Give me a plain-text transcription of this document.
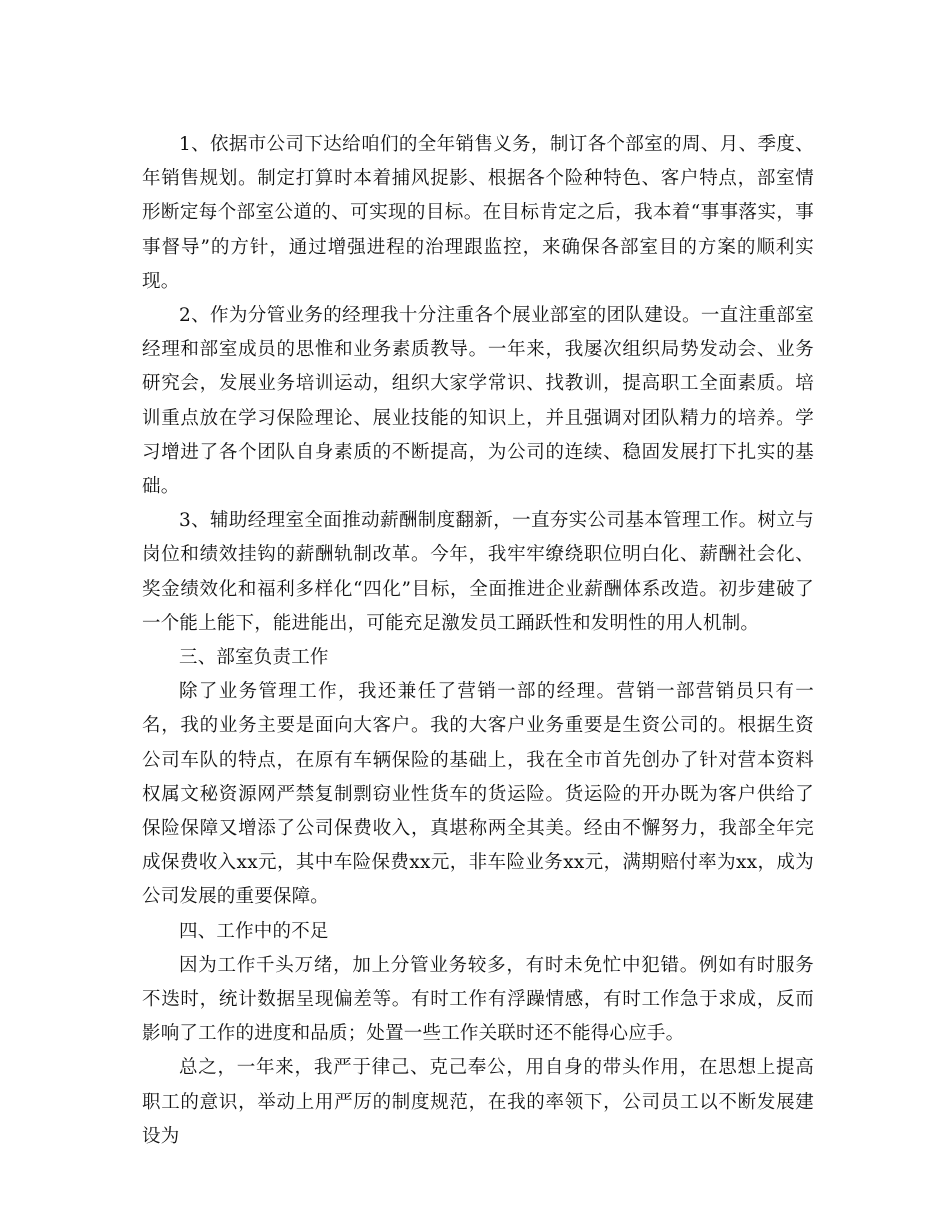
1、依据市公司下达给咱们的全年销售义务，制订各个部室的周、月、季度、年销售规划。制定打算时本着捕风捉影、根据各个险种特色、客户特点，部室情形断定每个部室公道的、可实现的目标。在目标肯定之后，我本着“事事落实，事事督导”的方针，通过增强进程的治理跟监控，来确保各部室目的方案的顺利实现。

2、作为分管业务的经理我十分注重各个展业部室的团队建设。一直注重部室经理和部室成员的思惟和业务素质教导。一年来，我屡次组织局势发动会、业务研究会，发展业务培训运动，组织大家学常识、找教训，提高职工全面素质。培训重点放在学习保险理论、展业技能的知识上，并且强调对团队精力的培养。学习增进了各个团队自身素质的不断提高，为公司的连续、稳固发展打下扎实的基础。

3、辅助经理室全面推动薪酬制度翻新，一直夯实公司基本管理工作。树立与岗位和绩效挂钩的薪酬轨制改革。今年，我牢牢缭绕职位明白化、薪酬社会化、奖金绩效化和福利多样化“四化”目标，全面推进企业薪酬体系改造。初步建破了一个能上能下，能进能出，可能充足激发员工踊跃性和发明性的用人机制。

三、部室负责工作

除了业务管理工作，我还兼任了营销一部的经理。营销一部营销员只有一名，我的业务主要是面向大客户。我的大客户业务重要是生资公司的。根据生资公司车队的特点，在原有车辆保险的基础上，我在全市首先创办了针对营本资料权属文秘资源网严禁复制剽窃业性货车的货运险。货运险的开办既为客户供给了保险保障又增添了公司保费收入，真堪称两全其美。经由不懈努力，我部全年完成保费收入xx元，其中车险保费xx元，非车险业务xx元，满期赔付率为xx，成为公司发展的重要保障。

四、工作中的不足

因为工作千头万绪，加上分管业务较多，有时未免忙中犯错。例如有时服务不迭时，统计数据呈现偏差等。有时工作有浮躁情感，有时工作急于求成，反而影响了工作的进度和品质；处置一些工作关联时还不能得心应手。

总之，一年来，我严于律己、克己奉公，用自身的带头作用，在思想上提高职工的意识，举动上用严厉的制度规范，在我的率领下，公司员工以不断发展建设为
